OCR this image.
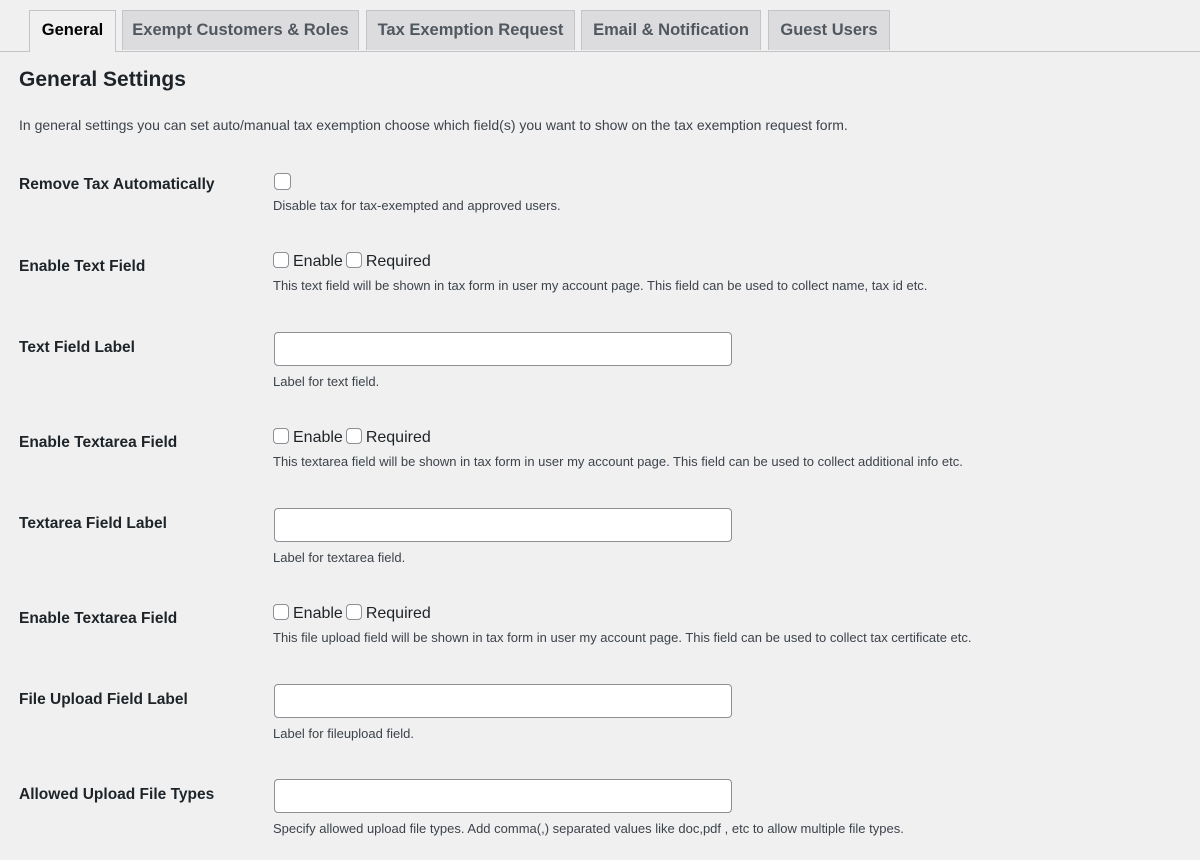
General	Exempt Customers & Roles	Tax Exemption Request	Email & Notification	Guest Users
General Settings

In general settings you can set auto/manual tax exemption choose which field(s) you want to show on the tax exemption request form.

Remove Tax Automatically
Disable tax for tax-exempted and approved users.
Enable Text Field	Enable Required
This text field will be shown in tax form in user my account page. This field can be used to collect name, tax id etc.
Text Field Label
Label for text field.
Enable Textarea Field	Enable Required
This textarea field will be shown in tax form in user my account page. This field can be used to collect additional info etc.
Textarea Field Label
Label for textarea field.
Enable Textarea Field	Enable Required
This file upload field will be shown in tax form in user my account page. This field can be used to collect tax certificate etc.
File Upload Field Label
Label for fileupload field.
Allowed Upload File Types
Specify allowed upload file types. Add comma(,) separated values like doc,pdf , etc to allow multiple file types.
